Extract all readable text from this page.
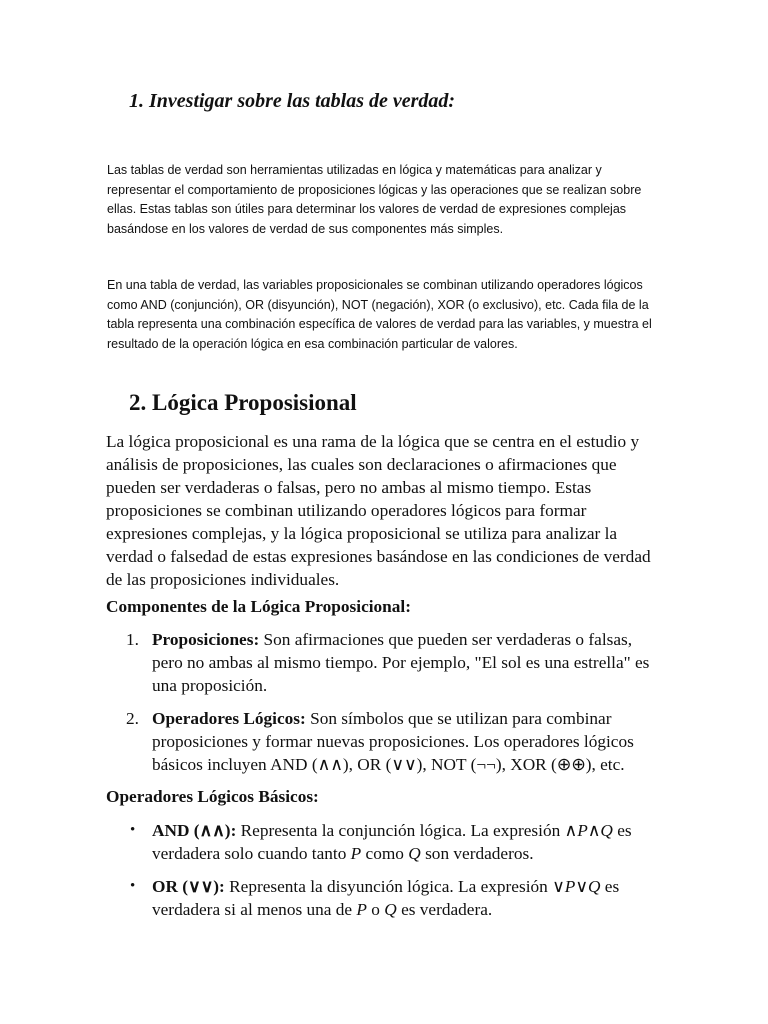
1. Investigar sobre las tablas de verdad:

Las tablas de verdad son herramientas utilizadas en lógica y matemáticas para analizar y
representar el comportamiento de proposiciones lógicas y las operaciones que se realizan sobre
ellas. Estas tablas son útiles para determinar los valores de verdad de expresiones complejas
basándose en los valores de verdad de sus componentes más simples.

En una tabla de verdad, las variables proposicionales se combinan utilizando operadores lógicos
como AND (conjunción), OR (disyunción), NOT (negación), XOR (o exclusivo), etc. Cada fila de la
tabla representa una combinación específica de valores de verdad para las variables, y muestra el
resultado de la operación lógica en esa combinación particular de valores.

2. Lógica Proposisional

La lógica proposicional es una rama de la lógica que se centra en el estudio y
análisis de proposiciones, las cuales son declaraciones o afirmaciones que
pueden ser verdaderas o falsas, pero no ambas al mismo tiempo. Estas
proposiciones se combinan utilizando operadores lógicos para formar
expresiones complejas, y la lógica proposicional se utiliza para analizar la
verdad o falsedad de estas expresiones basándose en las condiciones de verdad
de las proposiciones individuales.

Componentes de la Lógica Proposicional:

1. Proposiciones: Son afirmaciones que pueden ser verdaderas o falsas,
pero no ambas al mismo tiempo. Por ejemplo, "El sol es una estrella" es
una proposición.
2. Operadores Lógicos: Son símbolos que se utilizan para combinar
proposiciones y formar nuevas proposiciones. Los operadores lógicos
básicos incluyen AND (∧∧), OR (∨∨), NOT (¬¬), XOR (⊕⊕), etc.

Operadores Lógicos Básicos:

• AND (∧∧): Representa la conjunción lógica. La expresión ∧P∧Q es
verdadera solo cuando tanto P como Q son verdaderos.
• OR (∨∨): Representa la disyunción lógica. La expresión ∨P∨Q es
verdadera si al menos una de P o Q es verdadera.
